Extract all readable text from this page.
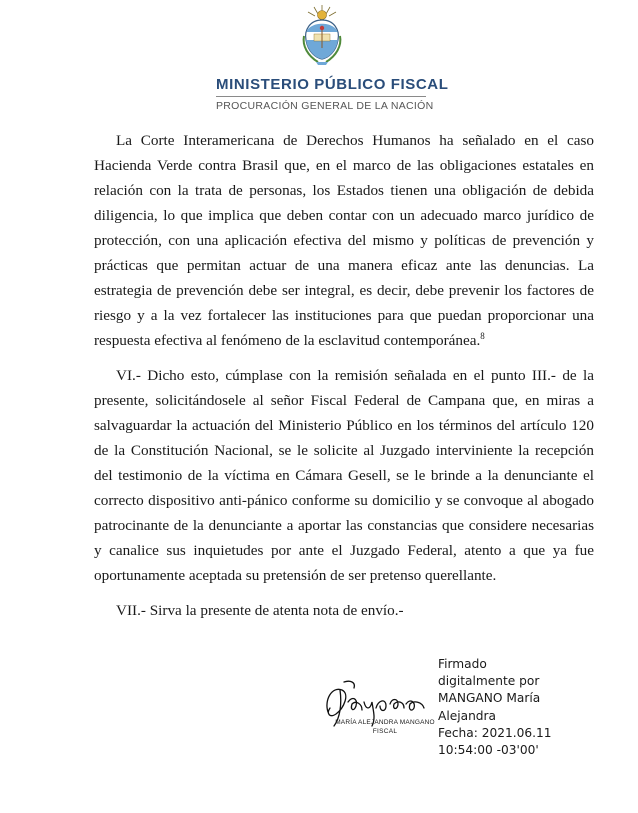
MINISTERIO PÚBLICO FISCAL
PROCURACIÓN GENERAL DE LA NACIÓN

La Corte Interamericana de Derechos Humanos ha señalado en el caso Hacienda Verde contra Brasil que, en el marco de las obligaciones estatales en relación con la trata de personas, los Estados tienen una obligación de debida diligencia, lo que implica que deben contar con un adecuado marco jurídico de protección, con una aplicación efectiva del mismo y políticas de prevención y prácticas que permitan actuar de una manera eficaz ante las denuncias. La estrategia de prevención debe ser integral, es decir, debe prevenir los factores de riesgo y a la vez fortalecer las instituciones para que puedan proporcionar una respuesta efectiva al fenómeno de la esclavitud contemporánea.$^8$

VI.- Dicho esto, cúmplase con la remisión señalada en el punto III.- de la presente, solicitándosele al señor Fiscal Federal de Campana que, en miras a salvaguardar la actuación del Ministerio Público en los términos del artículo 120 de la Constitución Nacional, se le solicite al Juzgado interviniente la recepción del testimonio de la víctima en Cámara Gesell, se le brinde a la denunciante el correcto dispositivo anti-pánico conforme su domicilio y se convoque al abogado patrocinante de la denunciante a aportar las constancias que considere necesarias y canalice sus inquietudes por ante el Juzgado Federal, atento a que ya fue oportunamente aceptada su pretensión de ser pretenso querellante.

VII.- Sirva la presente de atenta nota de envío.-

MARÍA ALEJANDRA MANGANO
FISCAL
Firmado
digitalmente por
MANGANO María
Alejandra
Fecha: 2021.06.11
10:54:00 -03'00'
